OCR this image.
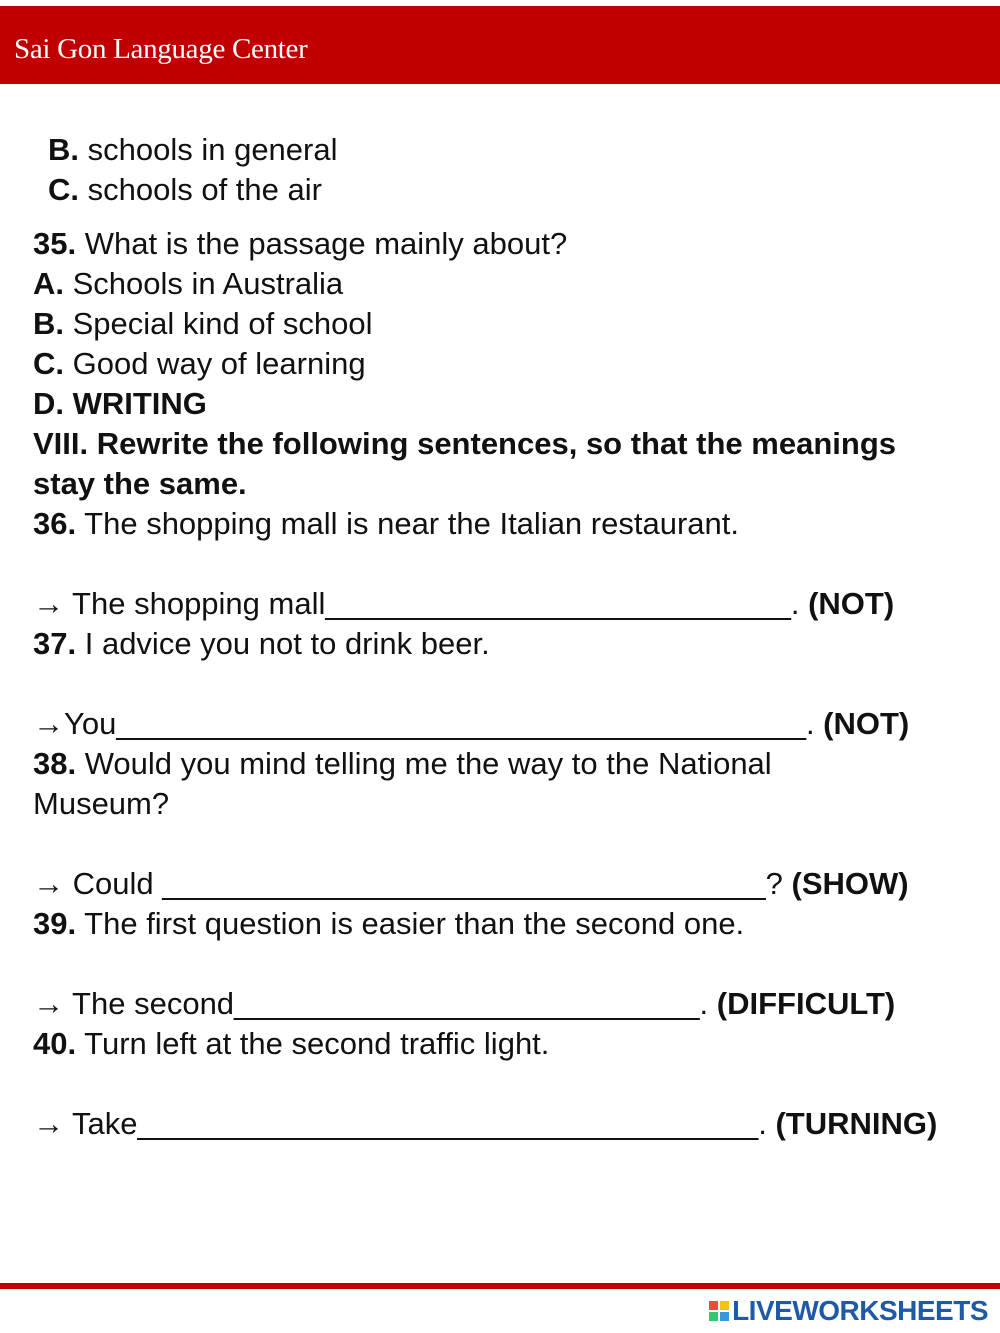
Sai Gon Language Center
B. schools in general
C. schools of the air
35. What is the passage mainly about?
A. Schools in Australia
B. Special kind of school
C. Good way of learning
D. WRITING
VIII. Rewrite the following sentences, so that the meanings
stay the same.
36. The shopping mall is near the Italian restaurant.
→ The shopping mall___________________________. (NOT)
37. I advice you not to drink beer.
→You________________________________________. (NOT)
38. Would you mind telling me the way to the National
Museum?
→ Could ___________________________________? (SHOW)
39. The first question is easier than the second one.
→ The second___________________________. (DIFFICULT)
40. Turn left at the second traffic light.
→ Take____________________________________. (TURNING)
LIVEWORKSHEETS
